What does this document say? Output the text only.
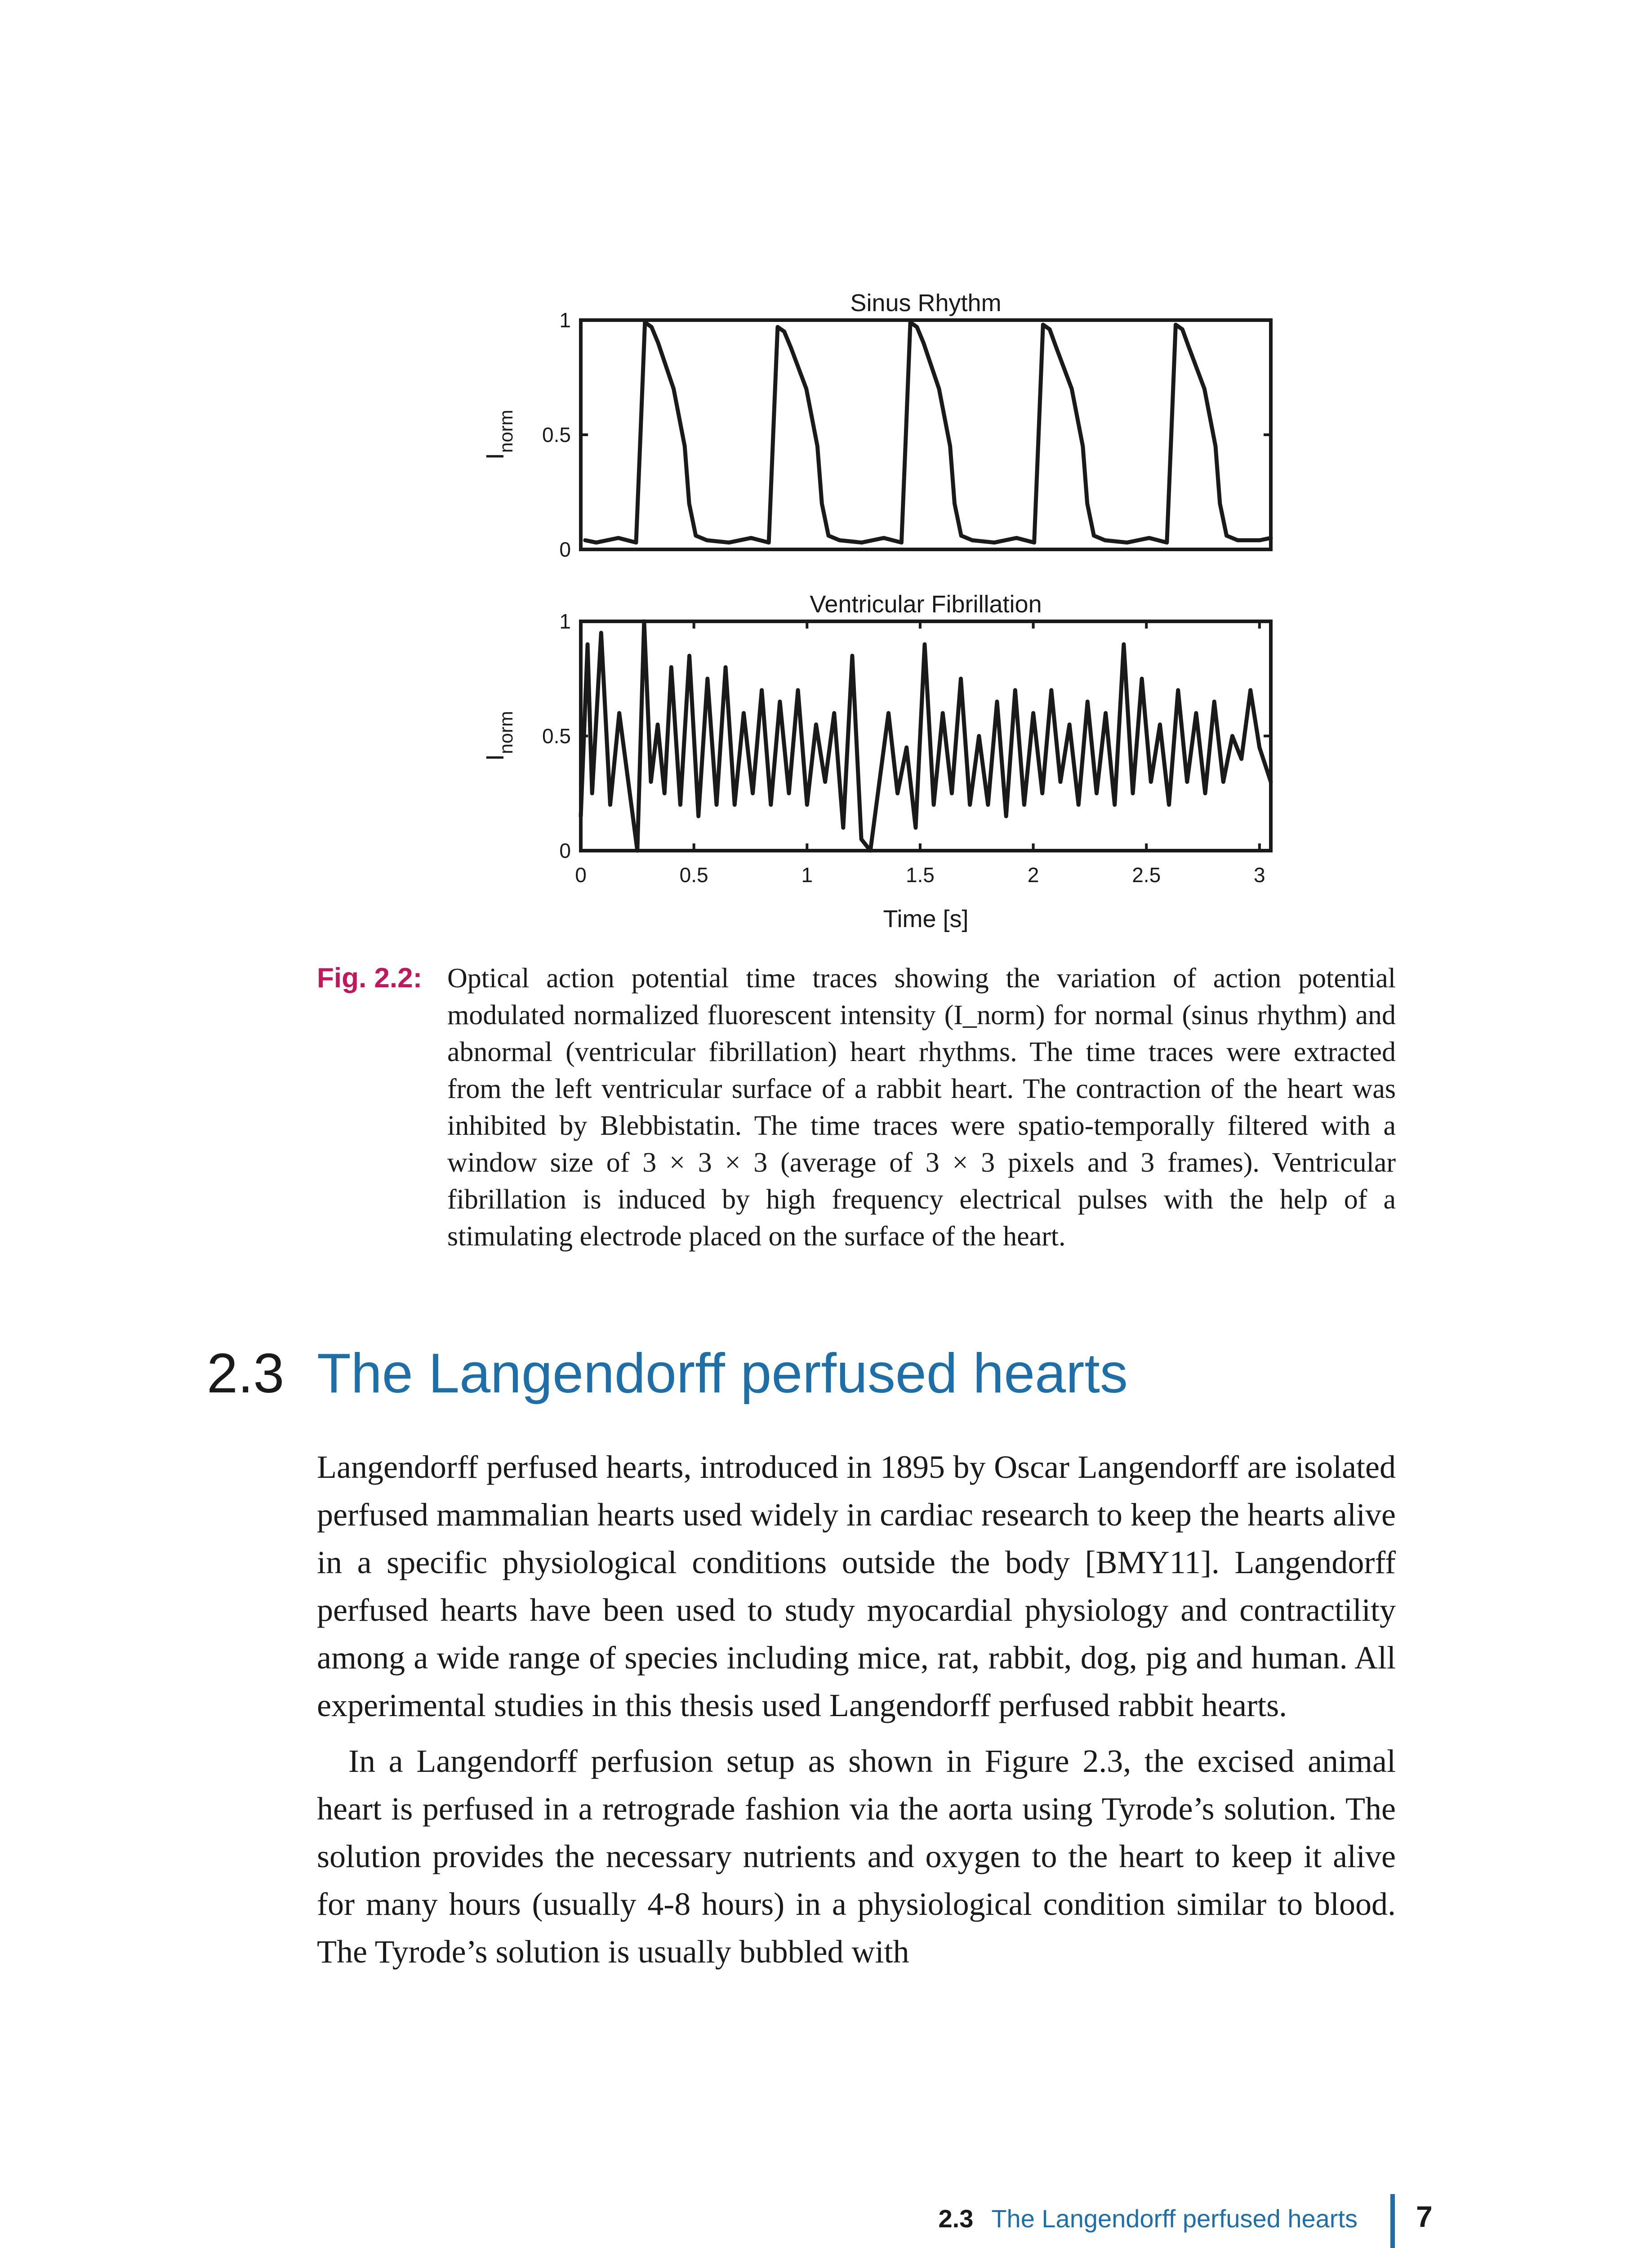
0
0.5
1
Sinus Rhythm
$I_{norm}$
0
0.5
1
0	0.5	1	1.5	2	2.5	3
Ventricular Fibrillation
$I_{norm}$
Time [s]
Fig. 2.2: Optical action potential time traces showing the variation of action potential modulated normalized fluorescent intensity (I_norm) for normal (sinus rhythm) and abnormal (ventricular fibrillation) heart rhythms. The time traces were extracted from the left ventricular surface of a rabbit heart. The contraction of the heart was inhibited by Blebbistatin. The time traces were spatio-temporally filtered with a window size of 3 × 3 × 3 (average of 3 × 3 pixels and 3 frames). Ventricular fibrillation is induced by high frequency electrical pulses with the help of a stimulating electrode placed on the surface of the heart.
2.3 The Langendorff perfused hearts

Langendorff perfused hearts, introduced in 1895 by Oscar Langendorff are isolated perfused mammalian hearts used widely in cardiac research to keep the hearts alive in a specific physiological conditions outside the body [BMY11]. Langendorff perfused hearts have been used to study myocardial physiology and contractility among a wide range of species including mice, rat, rabbit, dog, pig and human. All experimental studies in this thesis used Langendorff perfused rabbit hearts.

In a Langendorff perfusion setup as shown in Figure 2.3, the excised animal heart is perfused in a retrograde fashion via the aorta using Tyrode’s solution. The solution provides the necessary nutrients and oxygen to the heart to keep it alive for many hours (usually 4-8 hours) in a physiological condition similar to blood. The Tyrode’s solution is usually bubbled with

2.3 The Langendorff perfused hearts 7
